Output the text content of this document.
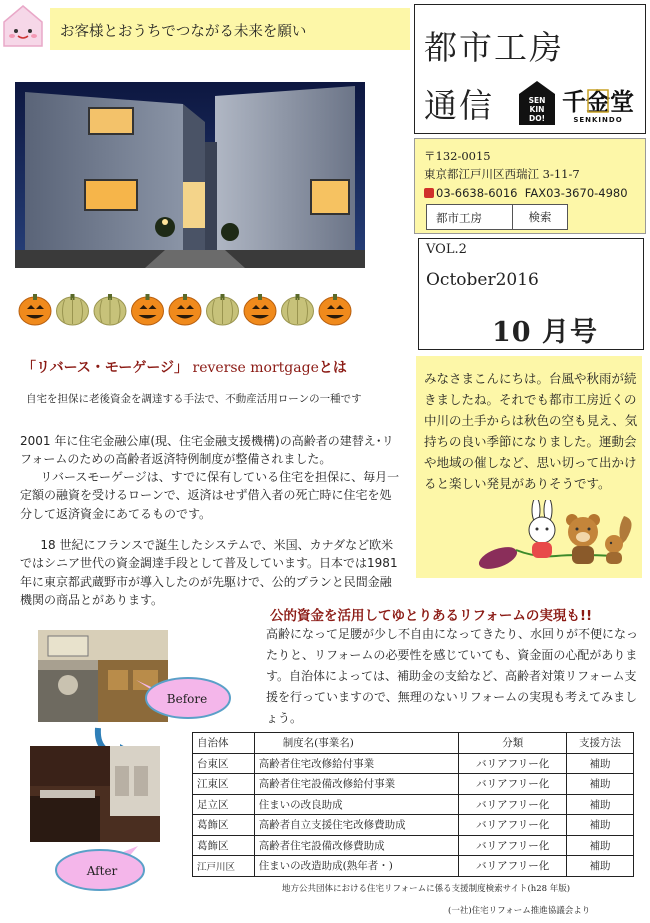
お客様とおうちでつながる未来を願い	都市工房
通信	SEN
KIN
DO!
千金堂
SENKINDO
〒132-0015
東京都江戸川区西瑞江 3-11-7
03-6638-6016 FAX03-3670-4980
都市工房	検索
VOL.2
October2016
10 月号
「リバース・モーゲージ」 reverse mortgageとは
自宅を担保に老後資金を調達する手法で、不動産活用ローンの一種です
2001 年に住宅金融公庫(現、住宅金融支援機構)の高齢者の建替え･リフォームのための高齢者返済特例制度が整備されました。
リバースモーゲージは、すでに保有している住宅を担保に、毎月一定額の融資を受けるローンで、返済はせず借入者の死亡時に住宅を処分して返済資金にあてるものです。
18 世紀にフランスで誕生したシステムで、米国、カナダなど欧米ではシニア世代の資金調達手段として普及しています。日本では1981 年に東京都武蔵野市が導入したのが先駆けで、公的プランと民間金融機関の商品とがあります。
みなさまこんにちは。台風や秋雨が続きましたね。それでも都市工房近くの中川の土手からは秋色の空も見え、気持ちの良い季節になりました。運動会や地域の催しなど、思い切って出かけると楽しい発見がありそうです。
公的資金を活用してゆとりあるリフォームの実現も!!
高齢になって足腰が少し不自由になってきたり、水回りが不便になったりと、リフォームの必要性を感じていても、資金面の心配があります。自治体によっては、補助金の支給など、高齢者対策リフォーム支援を行っていますので、無理のないリフォームの実現も考えてみましょう。
Before
After
自治体	制度名(事業名)	分類	支援方法
台東区	高齢者住宅改修給付事業	バリアフリー化	補助
江東区	高齢者住宅設備改修給付事業	バリアフリー化	補助
足立区	住まいの改良助成	バリアフリー化	補助
葛飾区	高齢者自立支援住宅改修費助成	バリアフリー化	補助
葛飾区	高齢者住宅設備改修費助成	バリアフリー化	補助
江戸川区	住まいの改造助成(熟年者・)	バリアフリー化	補助
地方公共団体における住宅リフォームに係る支援制度検索サイト(h28 年版)
(一社)住宅リフォーム推進協議会より
